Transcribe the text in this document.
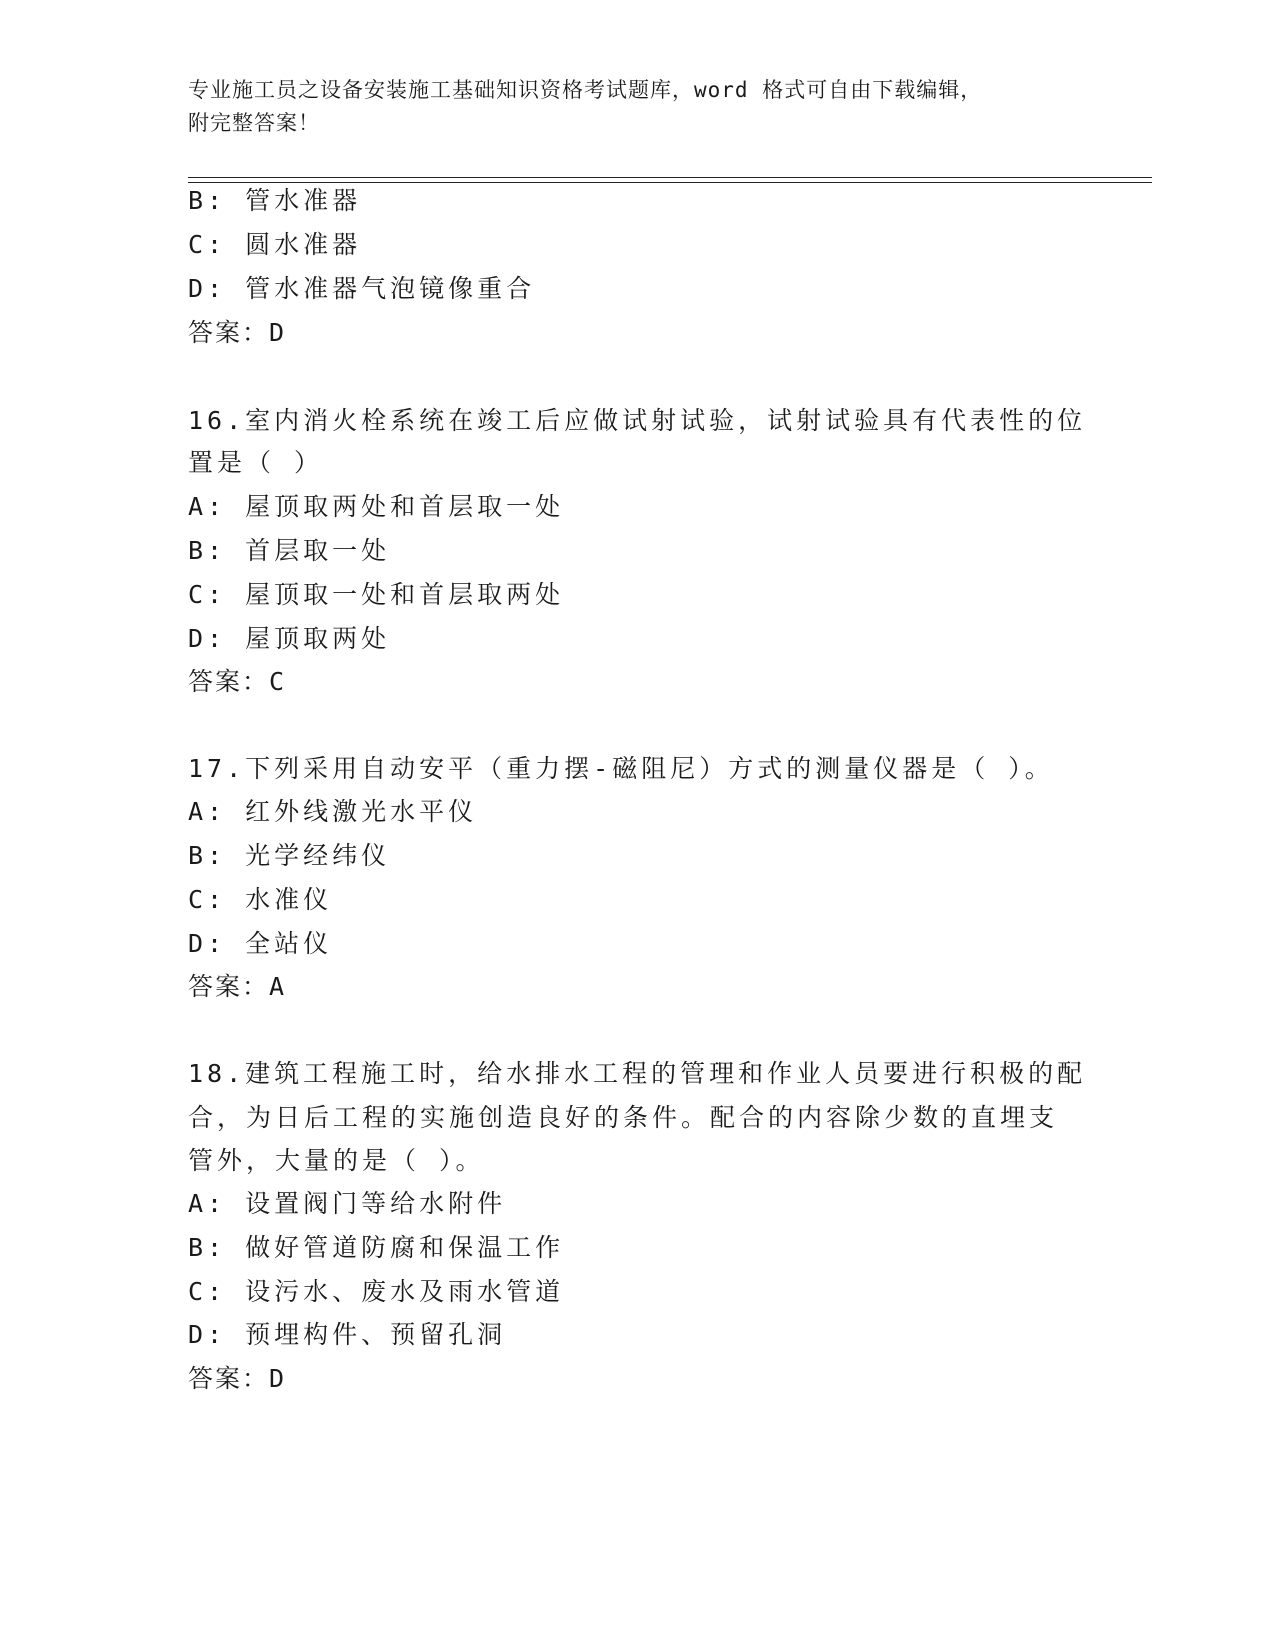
专业施工员之设备安装施工基础知识资格考试题库，word 格式可自由下载编辑，
附完整答案！
B: 管水准器
C: 圆水准器
D: 管水准器气泡镜像重合
答案：D
16.室内消火栓系统在竣工后应做试射试验，试射试验具有代表性的位
置是（ ）
A: 屋顶取两处和首层取一处
B: 首层取一处
C: 屋顶取一处和首层取两处
D: 屋顶取两处
答案：C
17.下列采用自动安平（重力摆-磁阻尼）方式的测量仪器是（ ）。
A: 红外线激光水平仪
B: 光学经纬仪
C: 水准仪
D: 全站仪
答案：A
18.建筑工程施工时，给水排水工程的管理和作业人员要进行积极的配
合，为日后工程的实施创造良好的条件。配合的内容除少数的直埋支
管外，大量的是（ ）。
A: 设置阀门等给水附件
B: 做好管道防腐和保温工作
C: 设污水、废水及雨水管道
D: 预埋构件、预留孔洞
答案：D
